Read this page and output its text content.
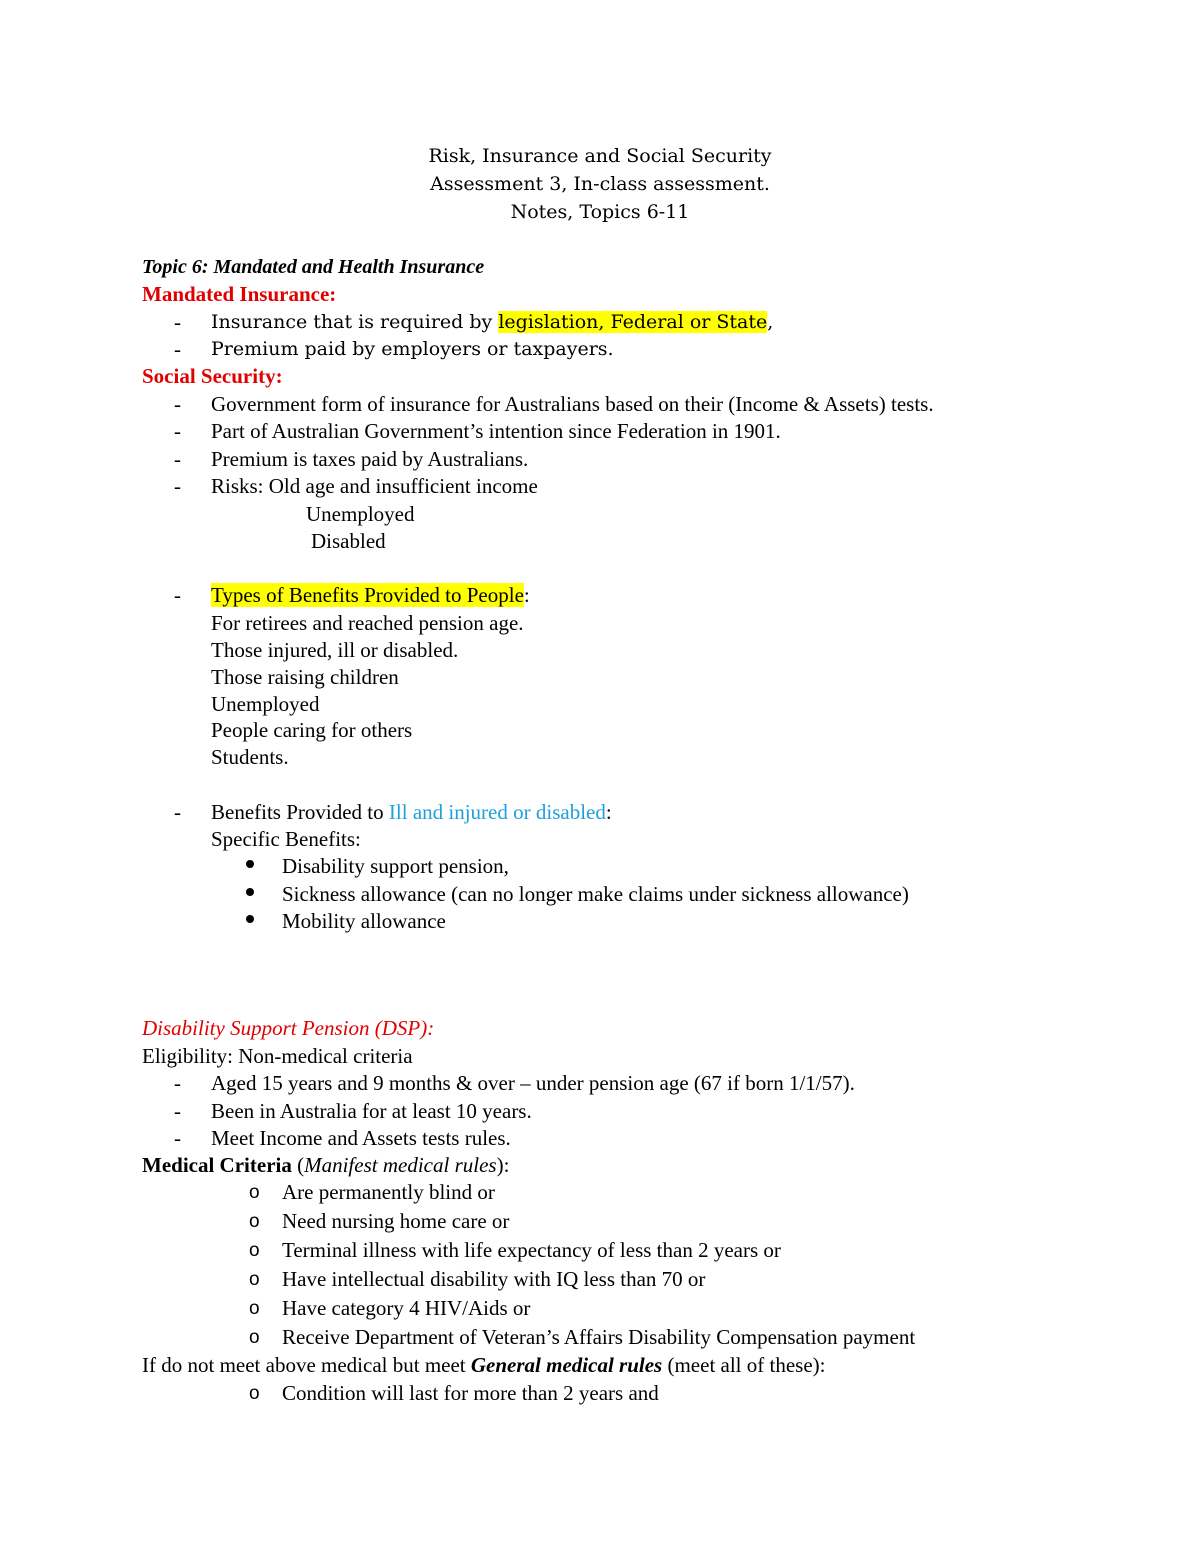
Risk, Insurance and Social Security
Assessment 3, In-class assessment.
Notes, Topics 6-11
Topic 6: Mandated and Health Insurance
Mandated Insurance:
- Insurance that is required by legislation, Federal or State,
- Premium paid by employers or taxpayers.
Social Security:
- Government form of insurance for Australians based on their (Income & Assets) tests.
- Part of Australian Government’s intention since Federation in 1901.
- Premium is taxes paid by Australians.
- Risks: Old age and insufficient income
Unemployed
Disabled
- Types of Benefits Provided to People:
For retirees and reached pension age.
Those injured, ill or disabled.
Those raising children
Unemployed
People caring for others
Students.
- Benefits Provided to Ill and injured or disabled:
Specific Benefits:
Disability support pension,
Sickness allowance (can no longer make claims under sickness allowance)
Mobility allowance
Disability Support Pension (DSP):
Eligibility: Non-medical criteria
- Aged 15 years and 9 months & over – under pension age (67 if born 1/1/57).
- Been in Australia for at least 10 years.
- Meet Income and Assets tests rules.
Medical Criteria (Manifest medical rules):
o Are permanently blind or
o Need nursing home care or
o Terminal illness with life expectancy of less than 2 years or
o Have intellectual disability with IQ less than 70 or
o Have category 4 HIV/Aids or
o Receive Department of Veteran’s Affairs Disability Compensation payment
If do not meet above medical but meet General medical rules (meet all of these):
o Condition will last for more than 2 years and
